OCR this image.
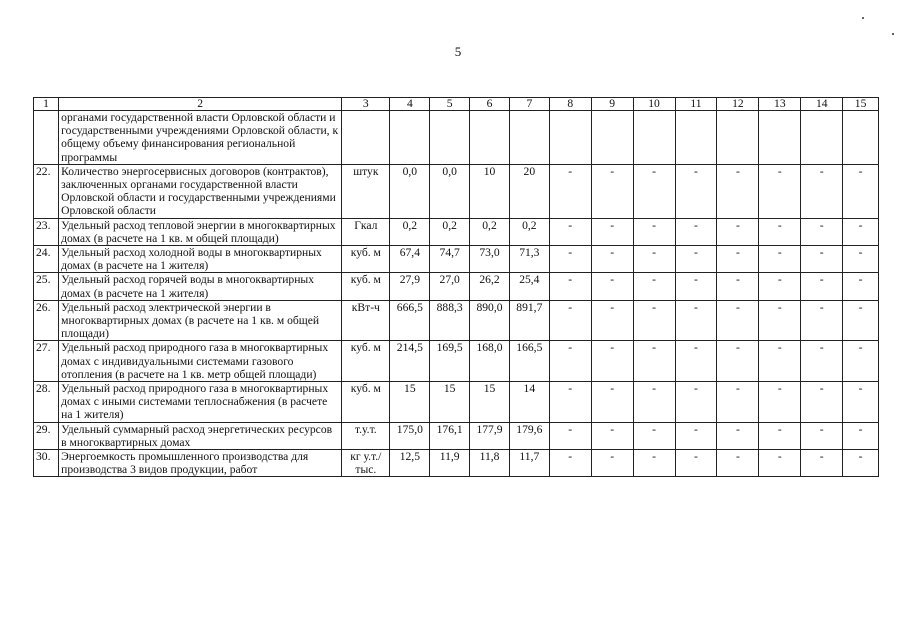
5
1	2	3	4	5	6	7	8	9	10	11	12	13	14	15
	органами государственной власти Орловской области и государственными учреждениями Орловской области, к общему объему финансирования региональной программы													
22.	Количество энергосервисных договоров (контрактов), заключенных органами государственной власти Орловской области и государственными учреждениями Орловской области	штук	0,0	0,0	10	20	-	-	-	-	-	-	-	-
23.	Удельный расход тепловой энергии в многоквартирных домах (в расчете на 1 кв. м общей площади)	Гкал	0,2	0,2	0,2	0,2	-	-	-	-	-	-	-	-
24.	Удельный расход холодной воды в многоквартирных домах (в расчете на 1 жителя)	куб. м	67,4	74,7	73,0	71,3	-	-	-	-	-	-	-	-
25.	Удельный расход горячей воды в многоквартирных домах (в расчете на 1 жителя)	куб. м	27,9	27,0	26,2	25,4	-	-	-	-	-	-	-	-
26.	Удельный расход электрической энергии в многоквартирных домах (в расчете на 1 кв. м общей площади)	кВт-ч	666,5	888,3	890,0	891,7	-	-	-	-	-	-	-	-
27.	Удельный расход природного газа в многоквартирных домах с индивидуальными системами газового отопления (в расчете на 1 кв. метр общей площади)	куб. м	214,5	169,5	168,0	166,5	-	-	-	-	-	-	-	-
28.	Удельный расход природного газа в многоквартирных домах с иными системами теплоснабжения (в расчете на 1 жителя)	куб. м	15	15	15	14	-	-	-	-	-	-	-	-
29.	Удельный суммарный расход энергетических ресурсов в многоквартирных домах	т.у.т.	175,0	176,1	177,9	179,6	-	-	-	-	-	-	-	-
30.	Энергоемкость промышленного производства для производства 3 видов продукции, работ	кг у.т./ тыс.	12,5	11,9	11,8	11,7	-	-	-	-	-	-	-	-
